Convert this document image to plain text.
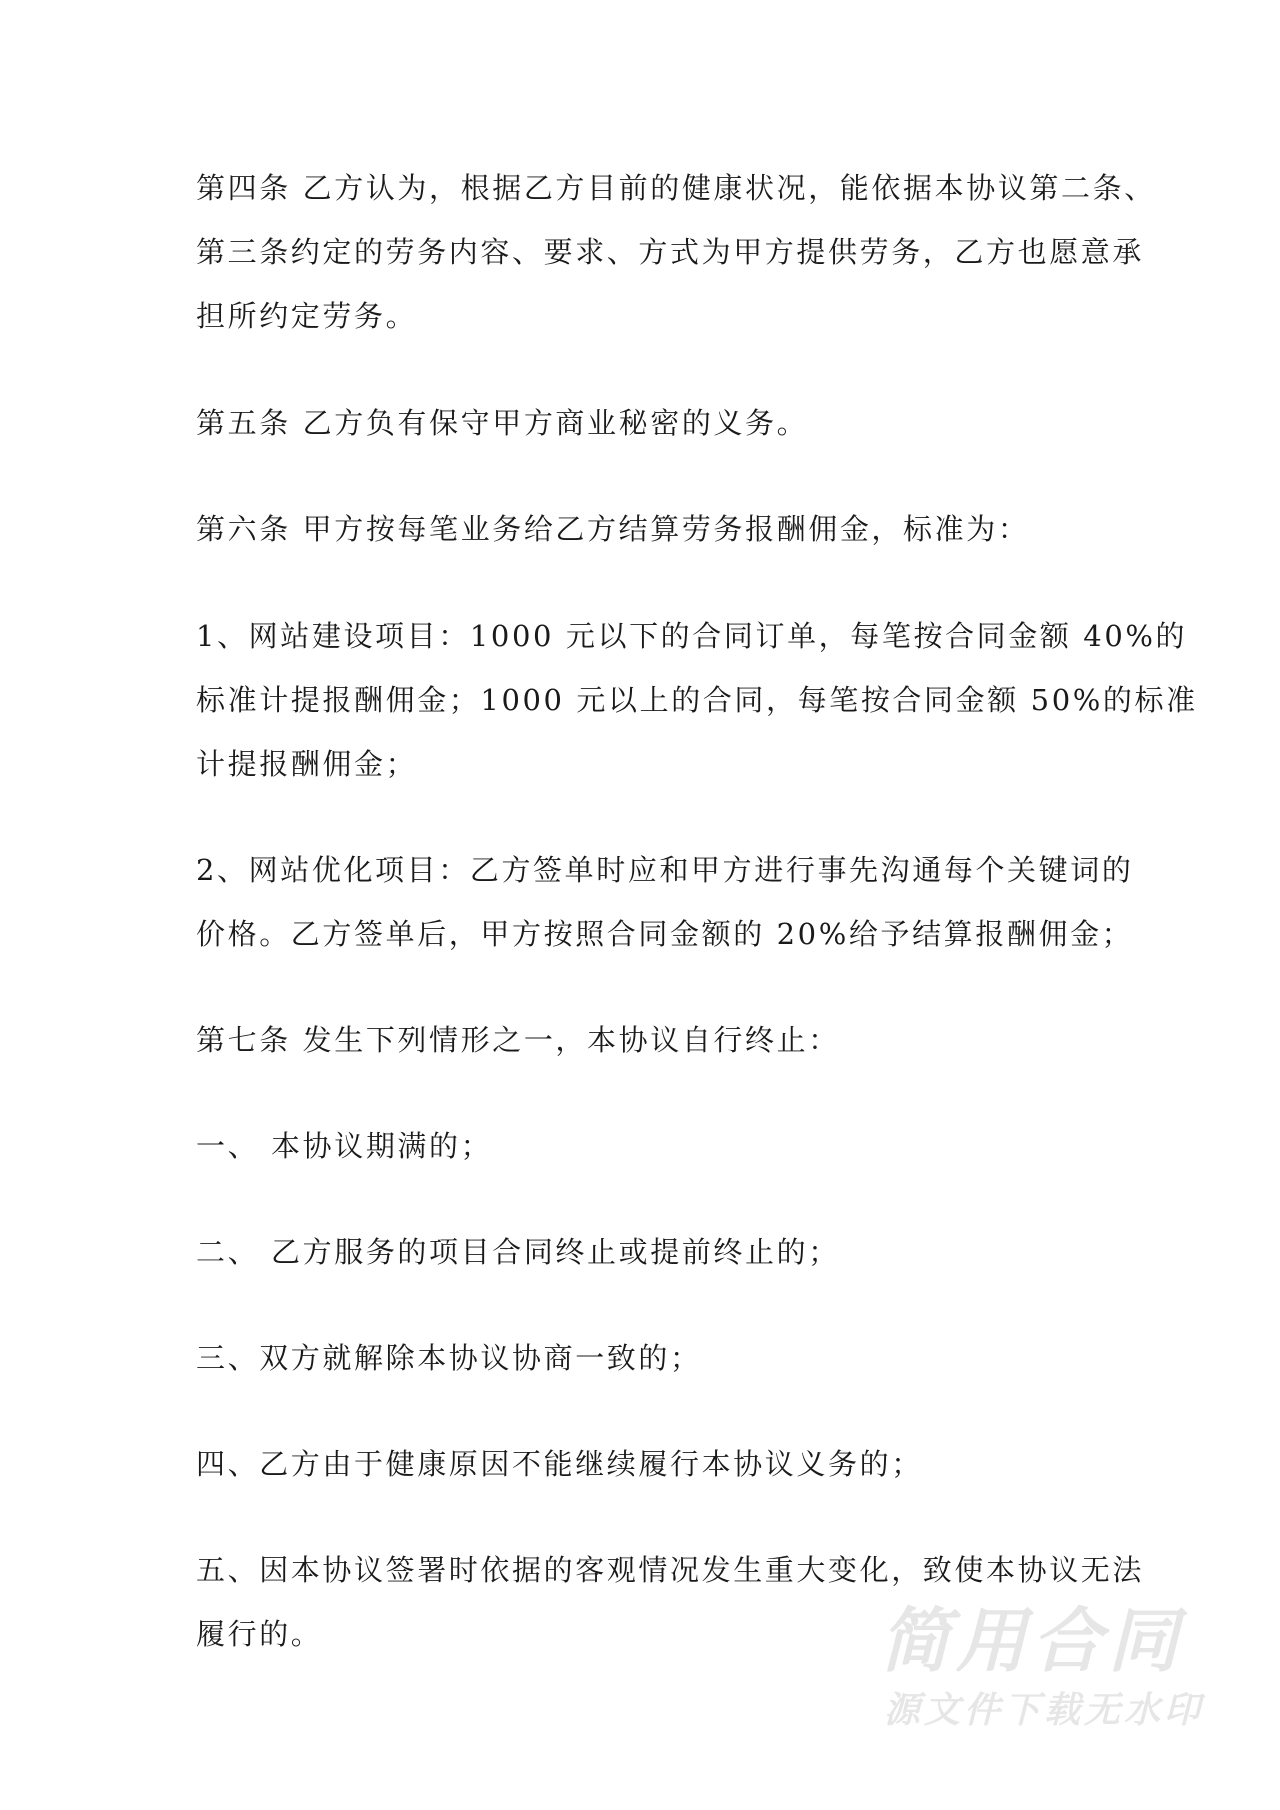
第四条 乙方认为，根据乙方目前的健康状况，能依据本协议第二条、
第三条约定的劳务内容、要求、方式为甲方提供劳务，乙方也愿意承
担所约定劳务。
第五条 乙方负有保守甲方商业秘密的义务。
第六条 甲方按每笔业务给乙方结算劳务报酬佣金，标准为：
1、网站建设项目：1000 元以下的合同订单，每笔按合同金额 40%的
标准计提报酬佣金；1000 元以上的合同，每笔按合同金额 50%的标准
计提报酬佣金；
2、网站优化项目：乙方签单时应和甲方进行事先沟通每个关键词的
价格。乙方签单后，甲方按照合同金额的 20%给予结算报酬佣金；
第七条 发生下列情形之一，本协议自行终止：
一、 本协议期满的；
二、 乙方服务的项目合同终止或提前终止的；
三、双方就解除本协议协商一致的；
四、乙方由于健康原因不能继续履行本协议义务的；
五、因本协议签署时依据的客观情况发生重大变化，致使本协议无法
履行的。	简用合同
源文件下载无水印
